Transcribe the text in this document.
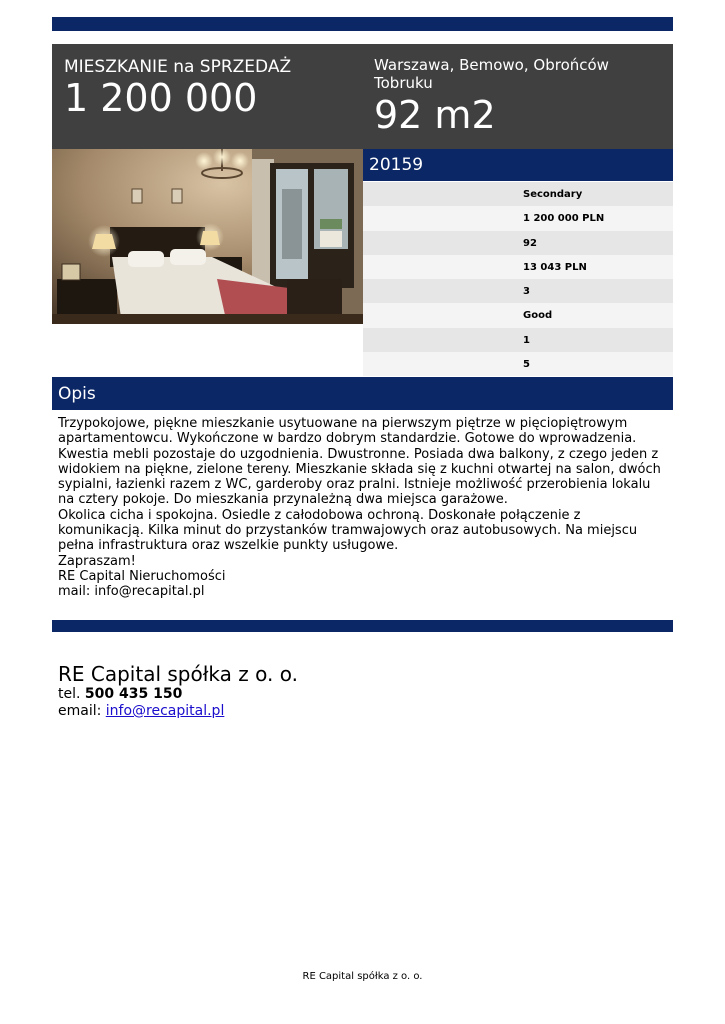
MIESZKANIE na SPRZEDAŻ
1 200 000
Warszawa, Bemowo, Obrońców Tobruku
92 m2
20159
Secondary
1 200 000 PLN
92
13 043 PLN
3
Good
1
5
Opis
Trzypokojowe, piękne mieszkanie usytuowane na pierwszym piętrze w pięciopiętrowym apartamentowcu. Wykończone w bardzo dobrym standardzie. Gotowe do wprowadzenia. Kwestia mebli pozostaje do uzgodnienia. Dwustronne. Posiada dwa balkony, z czego jeden z widokiem na piękne, zielone tereny. Mieszkanie składa się z kuchni otwartej na salon, dwóch sypialni, łazienki razem z WC, garderoby oraz pralni. Istnieje możliwość przerobienia lokalu na cztery pokoje. Do mieszkania przynależną dwa miejsca garażowe.
Okolica cicha i spokojna. Osiedle z całodobowa ochroną. Doskonałe połączenie z komunikacją. Kilka minut do przystanków tramwajowych oraz autobusowych. Na miejscu pełna infrastruktura oraz wszelkie punkty usługowe.
Zapraszam!
RE Capital Nieruchomości
mail: info@recapital.pl
RE Capital spółka z o. o.
tel. 500 435 150
email: info@recapital.pl
RE Capital spółka z o. o.
